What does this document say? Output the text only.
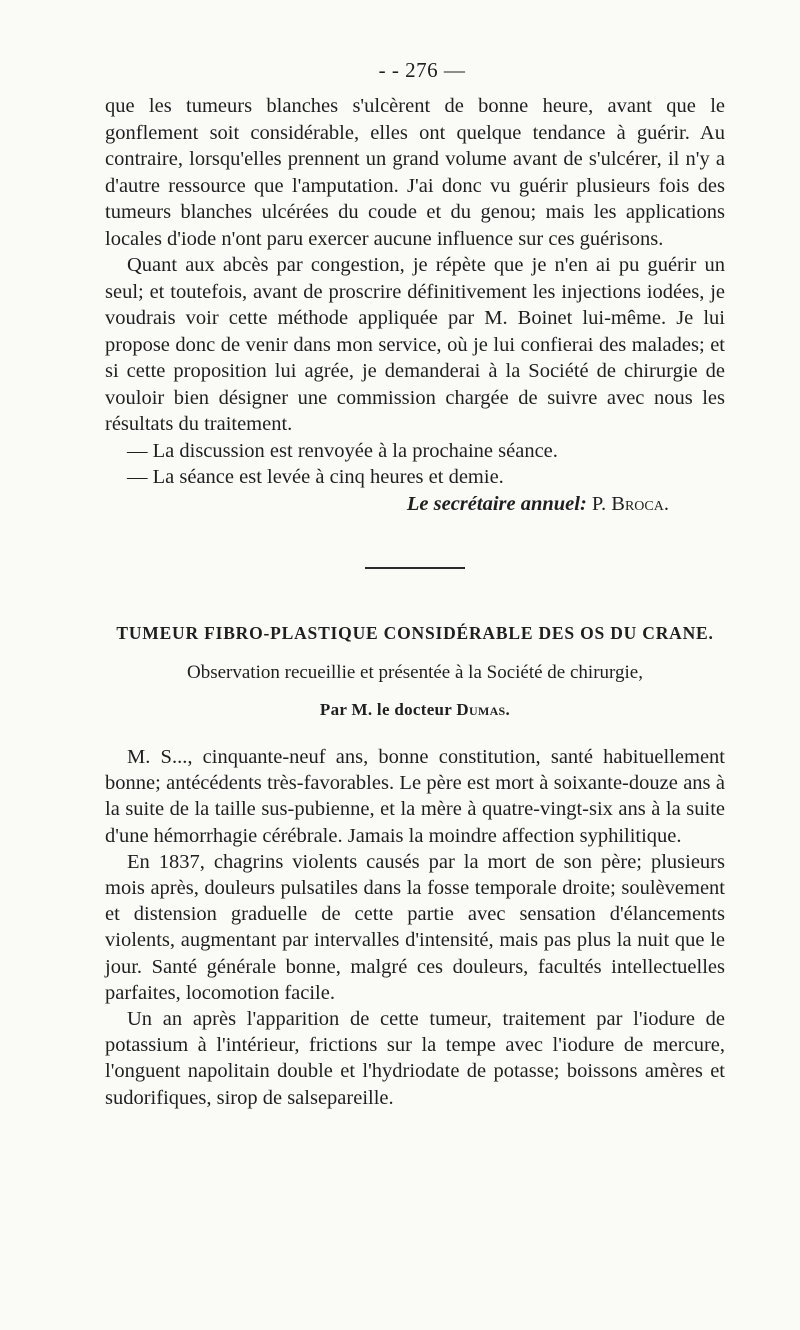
- - 276 —

que les tumeurs blanches s'ulcèrent de bonne heure, avant que le gonflement soit considérable, elles ont quelque tendance à guérir. Au contraire, lorsqu'elles prennent un grand volume avant de s'ulcérer, il n'y a d'autre ressource que l'amputation. J'ai donc vu guérir plusieurs fois des tumeurs blanches ulcérées du coude et du genou; mais les applications locales d'iode n'ont paru exercer aucune influence sur ces guérisons.

Quant aux abcès par congestion, je répète que je n'en ai pu guérir un seul; et toutefois, avant de proscrire définitivement les injections iodées, je voudrais voir cette méthode appliquée par M. Boinet lui-même. Je lui propose donc de venir dans mon service, où je lui confierai des malades; et si cette proposition lui agrée, je demanderai à la Société de chirurgie de vouloir bien désigner une commission chargée de suivre avec nous les résultats du traitement.

— La discussion est renvoyée à la prochaine séance.

— La séance est levée à cinq heures et demie.

Le secrétaire annuel: P. Broca.

TUMEUR FIBRO-PLASTIQUE CONSIDÉRABLE DES OS DU CRANE.
Observation recueillie et présentée à la Société de chirurgie,
Par M. le docteur Dumas.

M. S..., cinquante-neuf ans, bonne constitution, santé habituellement bonne; antécédents très-favorables. Le père est mort à soixante-douze ans à la suite de la taille sus-pubienne, et la mère à quatre-vingt-six ans à la suite d'une hémorrhagie cérébrale. Jamais la moindre affection syphilitique.

En 1837, chagrins violents causés par la mort de son père; plusieurs mois après, douleurs pulsatiles dans la fosse temporale droite; soulèvement et distension graduelle de cette partie avec sensation d'élancements violents, augmentant par intervalles d'intensité, mais pas plus la nuit que le jour. Santé générale bonne, malgré ces douleurs, facultés intellectuelles parfaites, locomotion facile.

Un an après l'apparition de cette tumeur, traitement par l'iodure de potassium à l'intérieur, frictions sur la tempe avec l'iodure de mercure, l'onguent napolitain double et l'hydriodate de potasse; boissons amères et sudorifiques, sirop de salsepareille.
